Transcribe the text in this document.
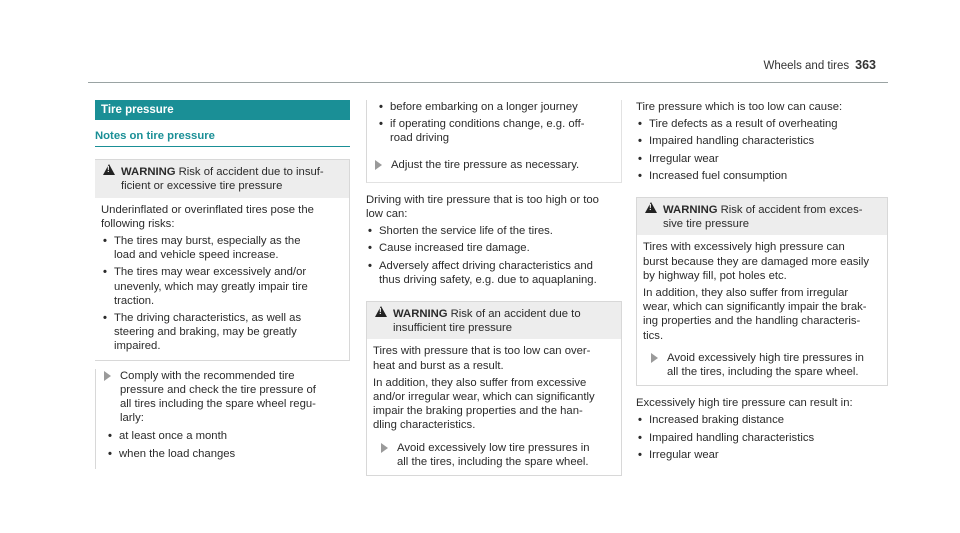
Wheels and tires 363
Tire pressure
Notes on tire pressure
!
WARNING Risk of accident due to insuf-
ficient or excessive tire pressure

Underinflated or overinflated tires pose the

following risks:

• The tires may burst, especially as the
load and vehicle speed increase.
• The tires may wear excessively and/or
unevenly, which may greatly impair tire
traction.
• The driving characteristics, as well as
steering and braking, may be greatly
impaired.
Comply with the recommended tire
pressure and check the tire pressure of
all tires including the spare wheel regu-
larly:
• at least once a month
• when the load changes
• before embarking on a longer journey
• if operating conditions change, e.g. off-
road driving
Adjust the tire pressure as necessary.

Driving with tire pressure that is too high or too

low can:

• Shorten the service life of the tires.
• Cause increased tire damage.
• Adversely affect driving characteristics and
thus driving safety, e.g. due to aquaplaning.
!
WARNING Risk of an accident due to
insufficient tire pressure

Tires with pressure that is too low can over-

heat and burst as a result.

In addition, they also suffer from excessive

and/or irregular wear, which can significantly

impair the braking properties and the han-

dling characteristics.

Avoid excessively low tire pressures in
all the tires, including the spare wheel.

Tire pressure which is too low can cause:

• Tire defects as a result of overheating
• Impaired handling characteristics
• Irregular wear
• Increased fuel consumption
!
WARNING Risk of accident from exces-
sive tire pressure

Tires with excessively high pressure can

burst because they are damaged more easily

by highway fill, pot holes etc.

In addition, they also suffer from irregular

wear, which can significantly impair the brak-

ing properties and the handling characteris-

tics.

Avoid excessively high tire pressures in
all the tires, including the spare wheel.

Excessively high tire pressure can result in:

• Increased braking distance
• Impaired handling characteristics
• Irregular wear
